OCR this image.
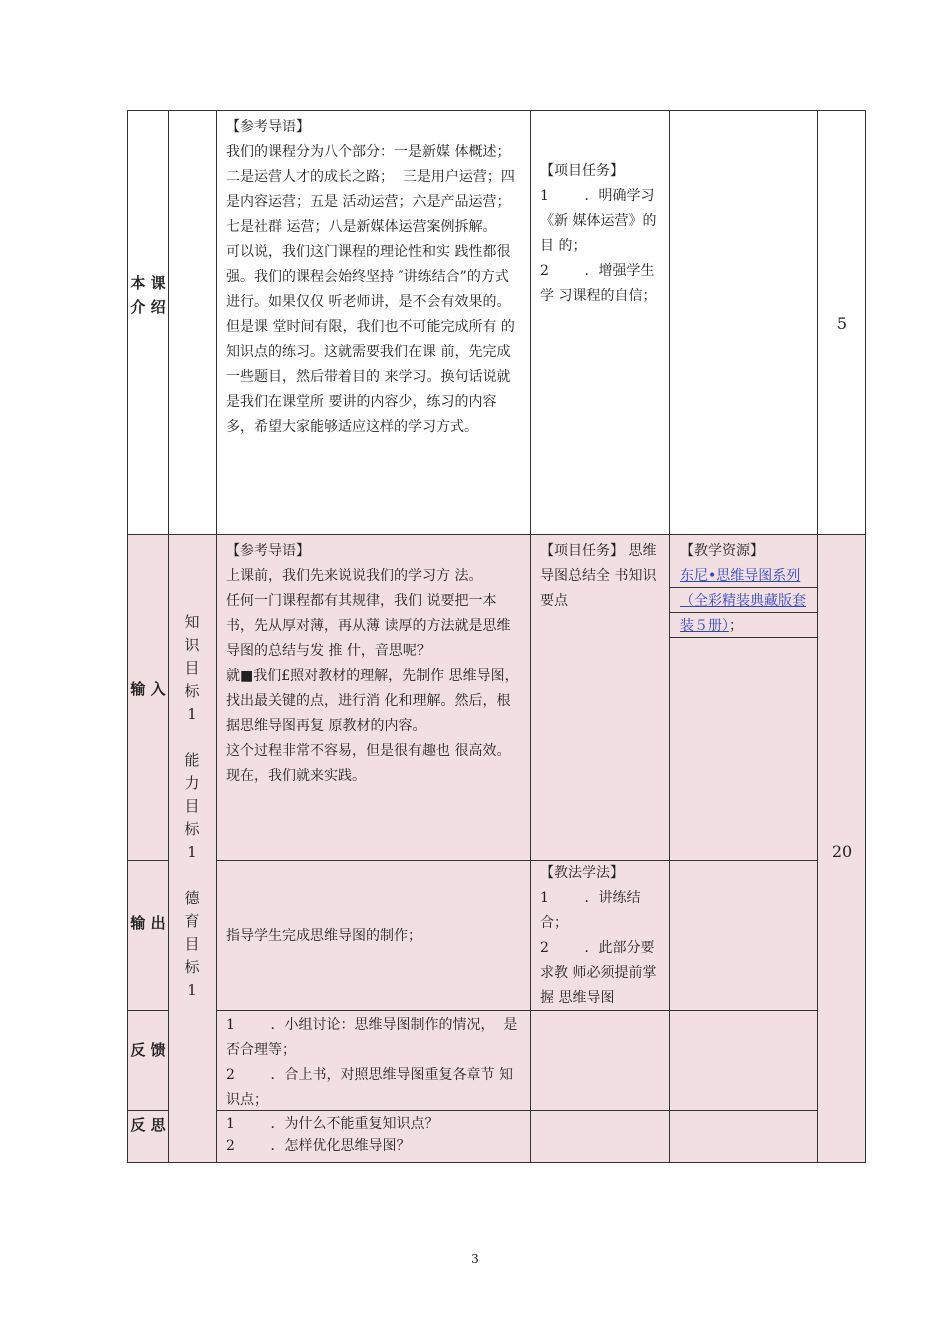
本 课 介 绍
【参考导语】
我们的课程分为八个部分：一是新媒 体概述；二是运营人才的成长之路；  三是用户运营；四是内容运营；五是 活动运营；六是产品运营；七是社群 运营；八是新媒体运营案例拆解。
可以说，我们这门课程的理论性和实 践性都很强。我们的课程会始终坚持 ″讲练结合”的方式进行。如果仅仅 听老师讲，是不会有效果的。但是课 堂时间有限，我们也不可能完成所有 的知识点的练习。这就需要我们在课 前，先完成一些题目，然后带着目的 来学习。换句话说就是我们在课堂所 要讲的内容少，练习的内容多，希望大家能够适应这样的学习方式。
【项目任务】
1        ．明确学习《新 媒体运营》的目 的；
2        ．增强学生学 习课程的自信；
5
知
识
目
标
1

能
力
目
标
1

德
育
目
标
1
20
输 入
【参考导语】
上课前，我们先来说说我们的学习方 法。
任何一门课程都有其规律，我们 说要把一本书，先从厚对薄，再从薄 读厚的方法就是思维导图的总结与发 推 什，音思呢？
就■我们£照对教材的理解，先制作 思维导图，找出最关键的点，进行消 化和理解。然后，根据思维导图再复 原教材的内容。
这个过程非常不容易，但是很有趣也 很高效。现在，我们就来实践。
【项目任务】 思维导图总结全 书知识要点
【教学资源】
东尼•思维导图系列（全彩精装典藏版套装５册）；
输 出
指导学生完成思维导图的制作；
【教法学法】
1        ．讲练结合；
2        ．此部分要求教 师必须提前掌握 思维导图
反 馈
1        ．小组讨论：思维导图制作的情况，  是否合理等；
2        ．合上书，对照思维导图重复各章节 知识点；
反 思	1        ．为什么不能重复知识点？
2        ．怎样优化思维导图？
3
